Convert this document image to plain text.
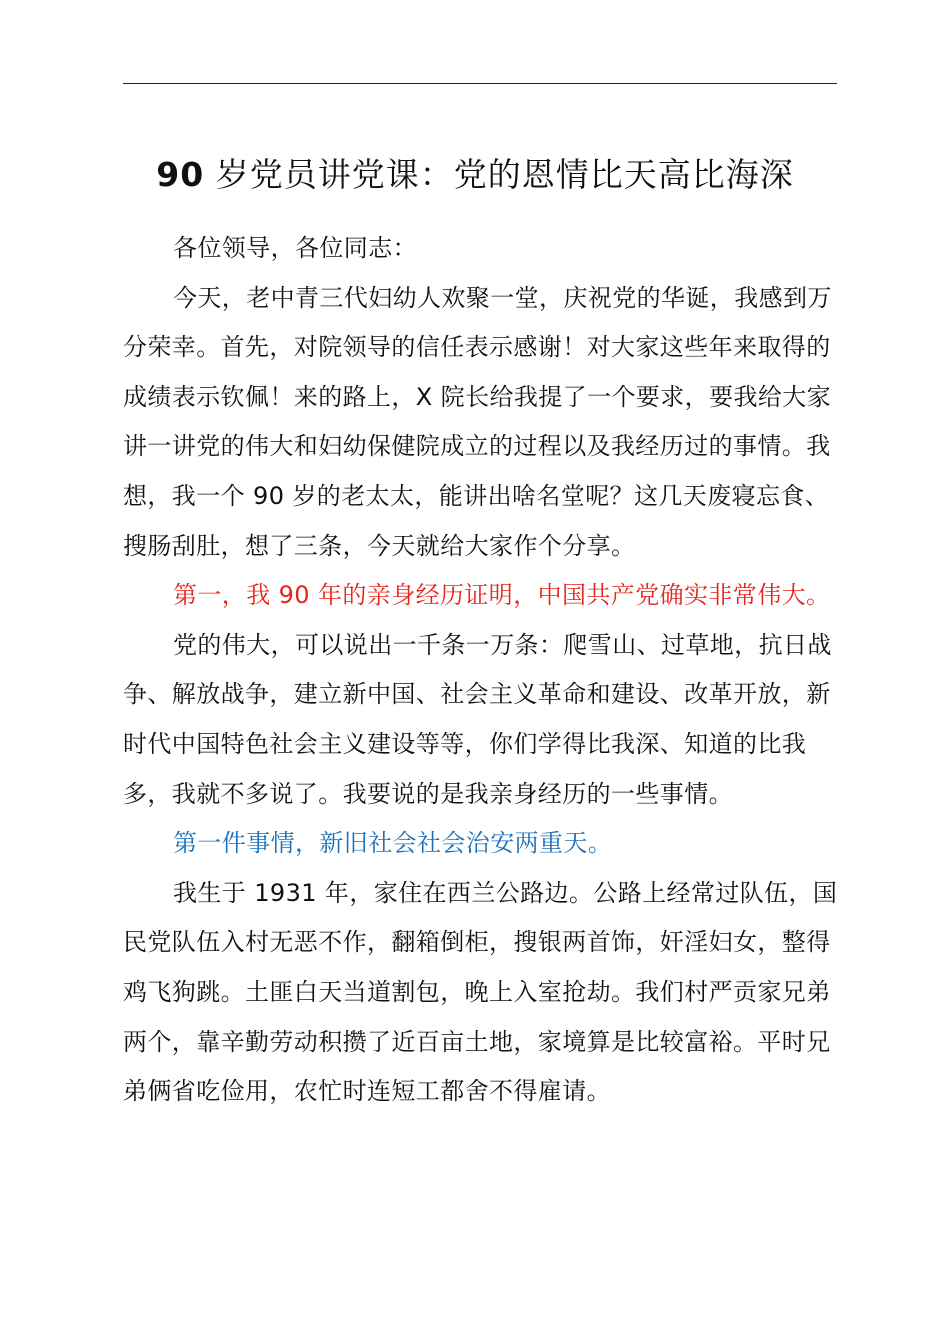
90 岁党员讲党课：党的恩情比天高比海深

各位领导，各位同志：

今天，老中青三代妇幼人欢聚一堂，庆祝党的华诞，我感到万分荣幸。首先，对院领导的信任表示感谢！对大家这些年来取得的成绩表示钦佩！来的路上，X 院长给我提了一个要求，要我给大家讲一讲党的伟大和妇幼保健院成立的过程以及我经历过的事情。我想，我一个 90 岁的老太太，能讲出啥名堂呢？这几天废寝忘食、搜肠刮肚，想了三条，今天就给大家作个分享。

第一，我 90 年的亲身经历证明，中国共产党确实非常伟大。

党的伟大，可以说出一千条一万条：爬雪山、过草地，抗日战争、解放战争，建立新中国、社会主义革命和建设、改革开放，新时代中国特色社会主义建设等等，你们学得比我深、知道的比我多，我就不多说了。我要说的是我亲身经历的一些事情。

第一件事情，新旧社会社会治安两重天。

我生于 1931 年，家住在西兰公路边。公路上经常过队伍，国民党队伍入村无恶不作，翻箱倒柜，搜银两首饰，奸淫妇女，整得鸡飞狗跳。土匪白天当道割包，晚上入室抢劫。我们村严贡家兄弟两个，靠辛勤劳动积攒了近百亩土地，家境算是比较富裕。平时兄弟俩省吃俭用，农忙时连短工都舍不得雇请。
